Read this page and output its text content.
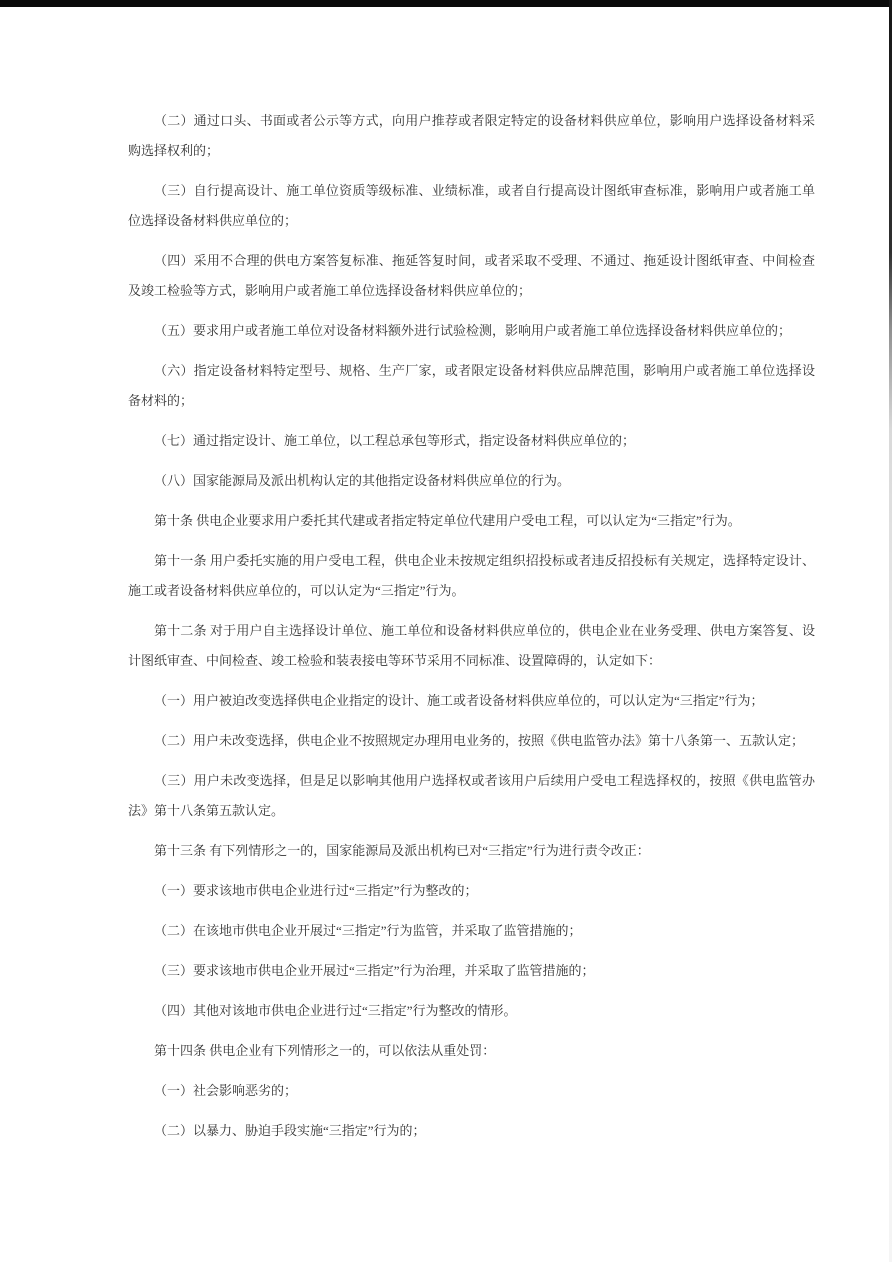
（二）通过口头、书面或者公示等方式，向用户推荐或者限定特定的设备材料供应单位，影响用户选择设备材料采购选择权利的；

（三）自行提高设计、施工单位资质等级标准、业绩标准，或者自行提高设计图纸审查标准，影响用户或者施工单位选择设备材料供应单位的；

（四）采用不合理的供电方案答复标准、拖延答复时间，或者采取不受理、不通过、拖延设计图纸审查、中间检查及竣工检验等方式，影响用户或者施工单位选择设备材料供应单位的；

（五）要求用户或者施工单位对设备材料额外进行试验检测，影响用户或者施工单位选择设备材料供应单位的；

（六）指定设备材料特定型号、规格、生产厂家，或者限定设备材料供应品牌范围，影响用户或者施工单位选择设备材料的；

（七）通过指定设计、施工单位，以工程总承包等形式，指定设备材料供应单位的；

（八）国家能源局及派出机构认定的其他指定设备材料供应单位的行为。

第十条 供电企业要求用户委托其代建或者指定特定单位代建用户受电工程，可以认定为“三指定”行为。

第十一条 用户委托实施的用户受电工程，供电企业未按规定组织招投标或者违反招投标有关规定，选择特定设计、施工或者设备材料供应单位的，可以认定为“三指定”行为。

第十二条 对于用户自主选择设计单位、施工单位和设备材料供应单位的，供电企业在业务受理、供电方案答复、设计图纸审查、中间检查、竣工检验和装表接电等环节采用不同标准、设置障碍的，认定如下：

（一）用户被迫改变选择供电企业指定的设计、施工或者设备材料供应单位的，可以认定为“三指定”行为；

（二）用户未改变选择，供电企业不按照规定办理用电业务的，按照《供电监管办法》第十八条第一、五款认定；

（三）用户未改变选择，但是足以影响其他用户选择权或者该用户后续用户受电工程选择权的，按照《供电监管办法》第十八条第五款认定。

第十三条 有下列情形之一的，国家能源局及派出机构已对“三指定”行为进行责令改正：

（一）要求该地市供电企业进行过“三指定”行为整改的；

（二）在该地市供电企业开展过“三指定”行为监管，并采取了监管措施的；

（三）要求该地市供电企业开展过“三指定”行为治理，并采取了监管措施的；

（四）其他对该地市供电企业进行过“三指定”行为整改的情形。

第十四条 供电企业有下列情形之一的，可以依法从重处罚：

（一）社会影响恶劣的；

（二）以暴力、胁迫手段实施“三指定”行为的；
